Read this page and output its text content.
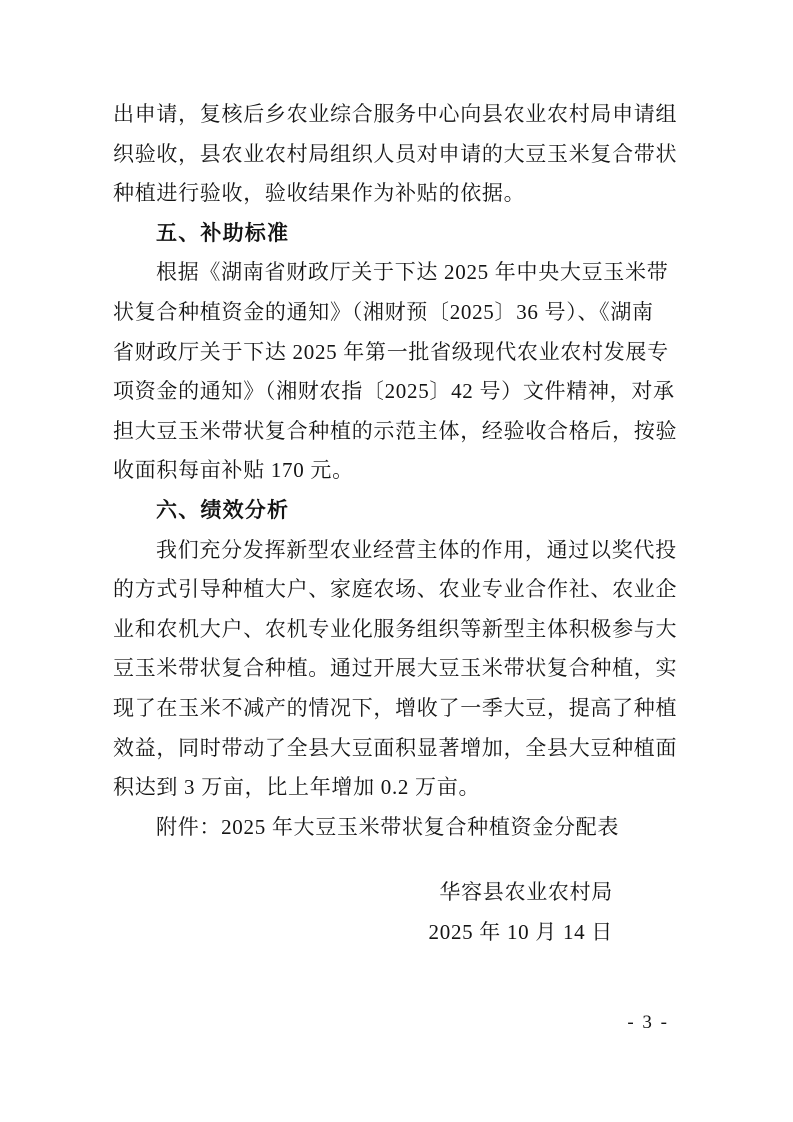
出申请，复核后乡农业综合服务中心向县农业农村局申请组
织验收，县农业农村局组织人员对申请的大豆玉米复合带状
种植进行验收，验收结果作为补贴的依据。
五、补助标准
根据《湖南省财政厅关于下达 2025 年中央大豆玉米带
状复合种植资金的通知》（湘财预〔2025〕36 号）、《湖南
省财政厅关于下达 2025 年第一批省级现代农业农村发展专
项资金的通知》（湘财农指〔2025〕42 号）文件精神，对承
担大豆玉米带状复合种植的示范主体，经验收合格后，按验
收面积每亩补贴 170 元。
六、绩效分析
我们充分发挥新型农业经营主体的作用，通过以奖代投
的方式引导种植大户、家庭农场、农业专业合作社、农业企
业和农机大户、农机专业化服务组织等新型主体积极参与大
豆玉米带状复合种植。通过开展大豆玉米带状复合种植，实
现了在玉米不减产的情况下，增收了一季大豆，提高了种植
效益，同时带动了全县大豆面积显著增加，全县大豆种植面
积达到 3 万亩，比上年增加 0.2 万亩。
附件：2025 年大豆玉米带状复合种植资金分配表
华容县农业农村局
2025 年 10 月 14 日
- 3 -
